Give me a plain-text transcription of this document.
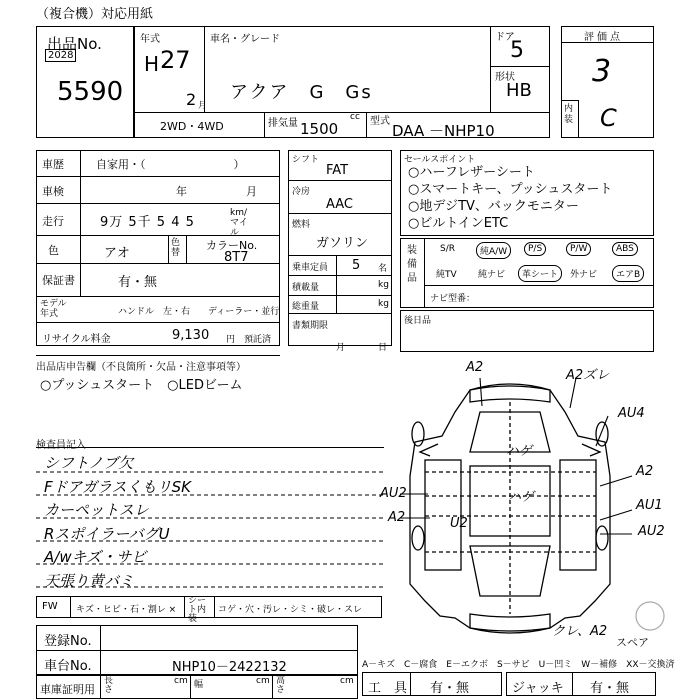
（複合機）対応用紙
出品No.
2028
5590
年式
H 27
2 月
車名・グレード
アクア　G　Gs
ドア
5
形状
HB
2WD・4WD	排気量 1500
cc 型式
DAA －NHP10
評価点
3
内装 C
車歴	自家用・（　　　　　　　　）
車検	年	月
走行	9万 5千 5 4 5
km/マイル
色	アオ
色替
カラーNo.
8T7
保証書	有・無
モデル年式	ハンドル　左・右 ディーラー・並行
リサイクル料金	9,130 円　預託済
シフト
FAT
冷房
AAC
燃料
ガソリン
乗車定員 5 名
積載量	kg
総重量	kg
書類期限
月	日
セールスポイント
○ハーフレザーシート
○スマートキー、プッシュスタート
○地デジTV、バックモニター
○ビルトインETC
装備品
S/R	純A/W	P/S	P/W	ABS
純TV 純ナビ	革シート	外ナビ	エアB
ナビ型番：
後日品
出品店申告欄（不良箇所・欠品・注意事項等）
○プッシュスタート　○LEDビーム
検査員記入
シフトノブ欠
FドアガラスくもリSK
カーペットスレ
RスポイラーバグU
A/wキズ・サビ
天張り黄バミ
FW キズ・ヒビ・石・割レ ×
シート内装
コゲ・穴・汚レ・シミ・破レ・スレ
登録No.
車台No.	NHP10－2422132
車庫証明用
長さ
cm 幅	cm 高さ
cm
A－キズ　C－腐食　E－エクボ　S－サビ　U－凹ミ　W－補修　XX－交換済
工　具 有・無	ジャッキ 有・無
A2
A2ズレ
ハゲ
AU4
A2
ハゲ
AU2
AU1
AU2
A2	U2
クレ、A2
スペア
